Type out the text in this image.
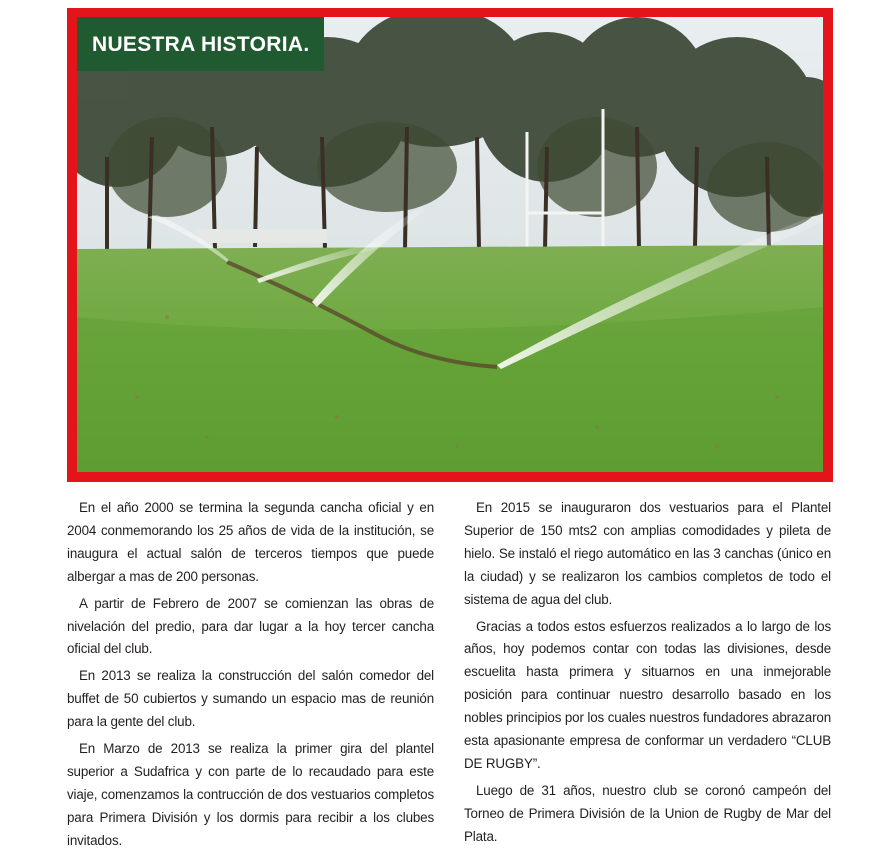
NUESTRA HISTORIA.

En el año 2000 se termina la segunda cancha oficial y en 2004 conmemorando los 25 años de vida de la institución, se inaugura el actual salón de terceros tiempos que puede albergar a mas de 200 personas.

A partir de Febrero de 2007 se comienzan las obras de nivelación del predio, para dar lugar a la hoy tercer cancha oficial del club.

En 2013 se realiza la construcción del salón comedor del buffet de 50 cubiertos y sumando un espacio mas de reunión para la gente del club.

En Marzo de 2013 se realiza la primer gira del plantel superior a Sudafrica y con parte de lo recaudado para este viaje, comenzamos la contrucción de dos vestuarios completos para Primera División y los dormis para recibir a los clubes invitados.

En 2015 se inauguraron dos vestuarios para el Plantel Superior de 150 mts2 con amplias comodidades y pileta de hielo. Se instaló el riego automático en las 3 canchas (único en la ciudad) y se realizaron los cambios completos de todo el sistema de agua del club.

Gracias a todos estos esfuerzos realizados a lo largo de los años, hoy podemos contar con todas las divisiones, desde escuelita hasta primera y situarnos en una inmejorable posición para continuar nuestro desarrollo basado en los nobles principios por los cuales nuestros fundadores abrazaron esta apasionante empresa de conformar un verdadero “CLUB DE RUGBY”.

Luego de 31 años, nuestro club se coronó campeón del Torneo de Primera División de la Union de Rugby de Mar del Plata.
